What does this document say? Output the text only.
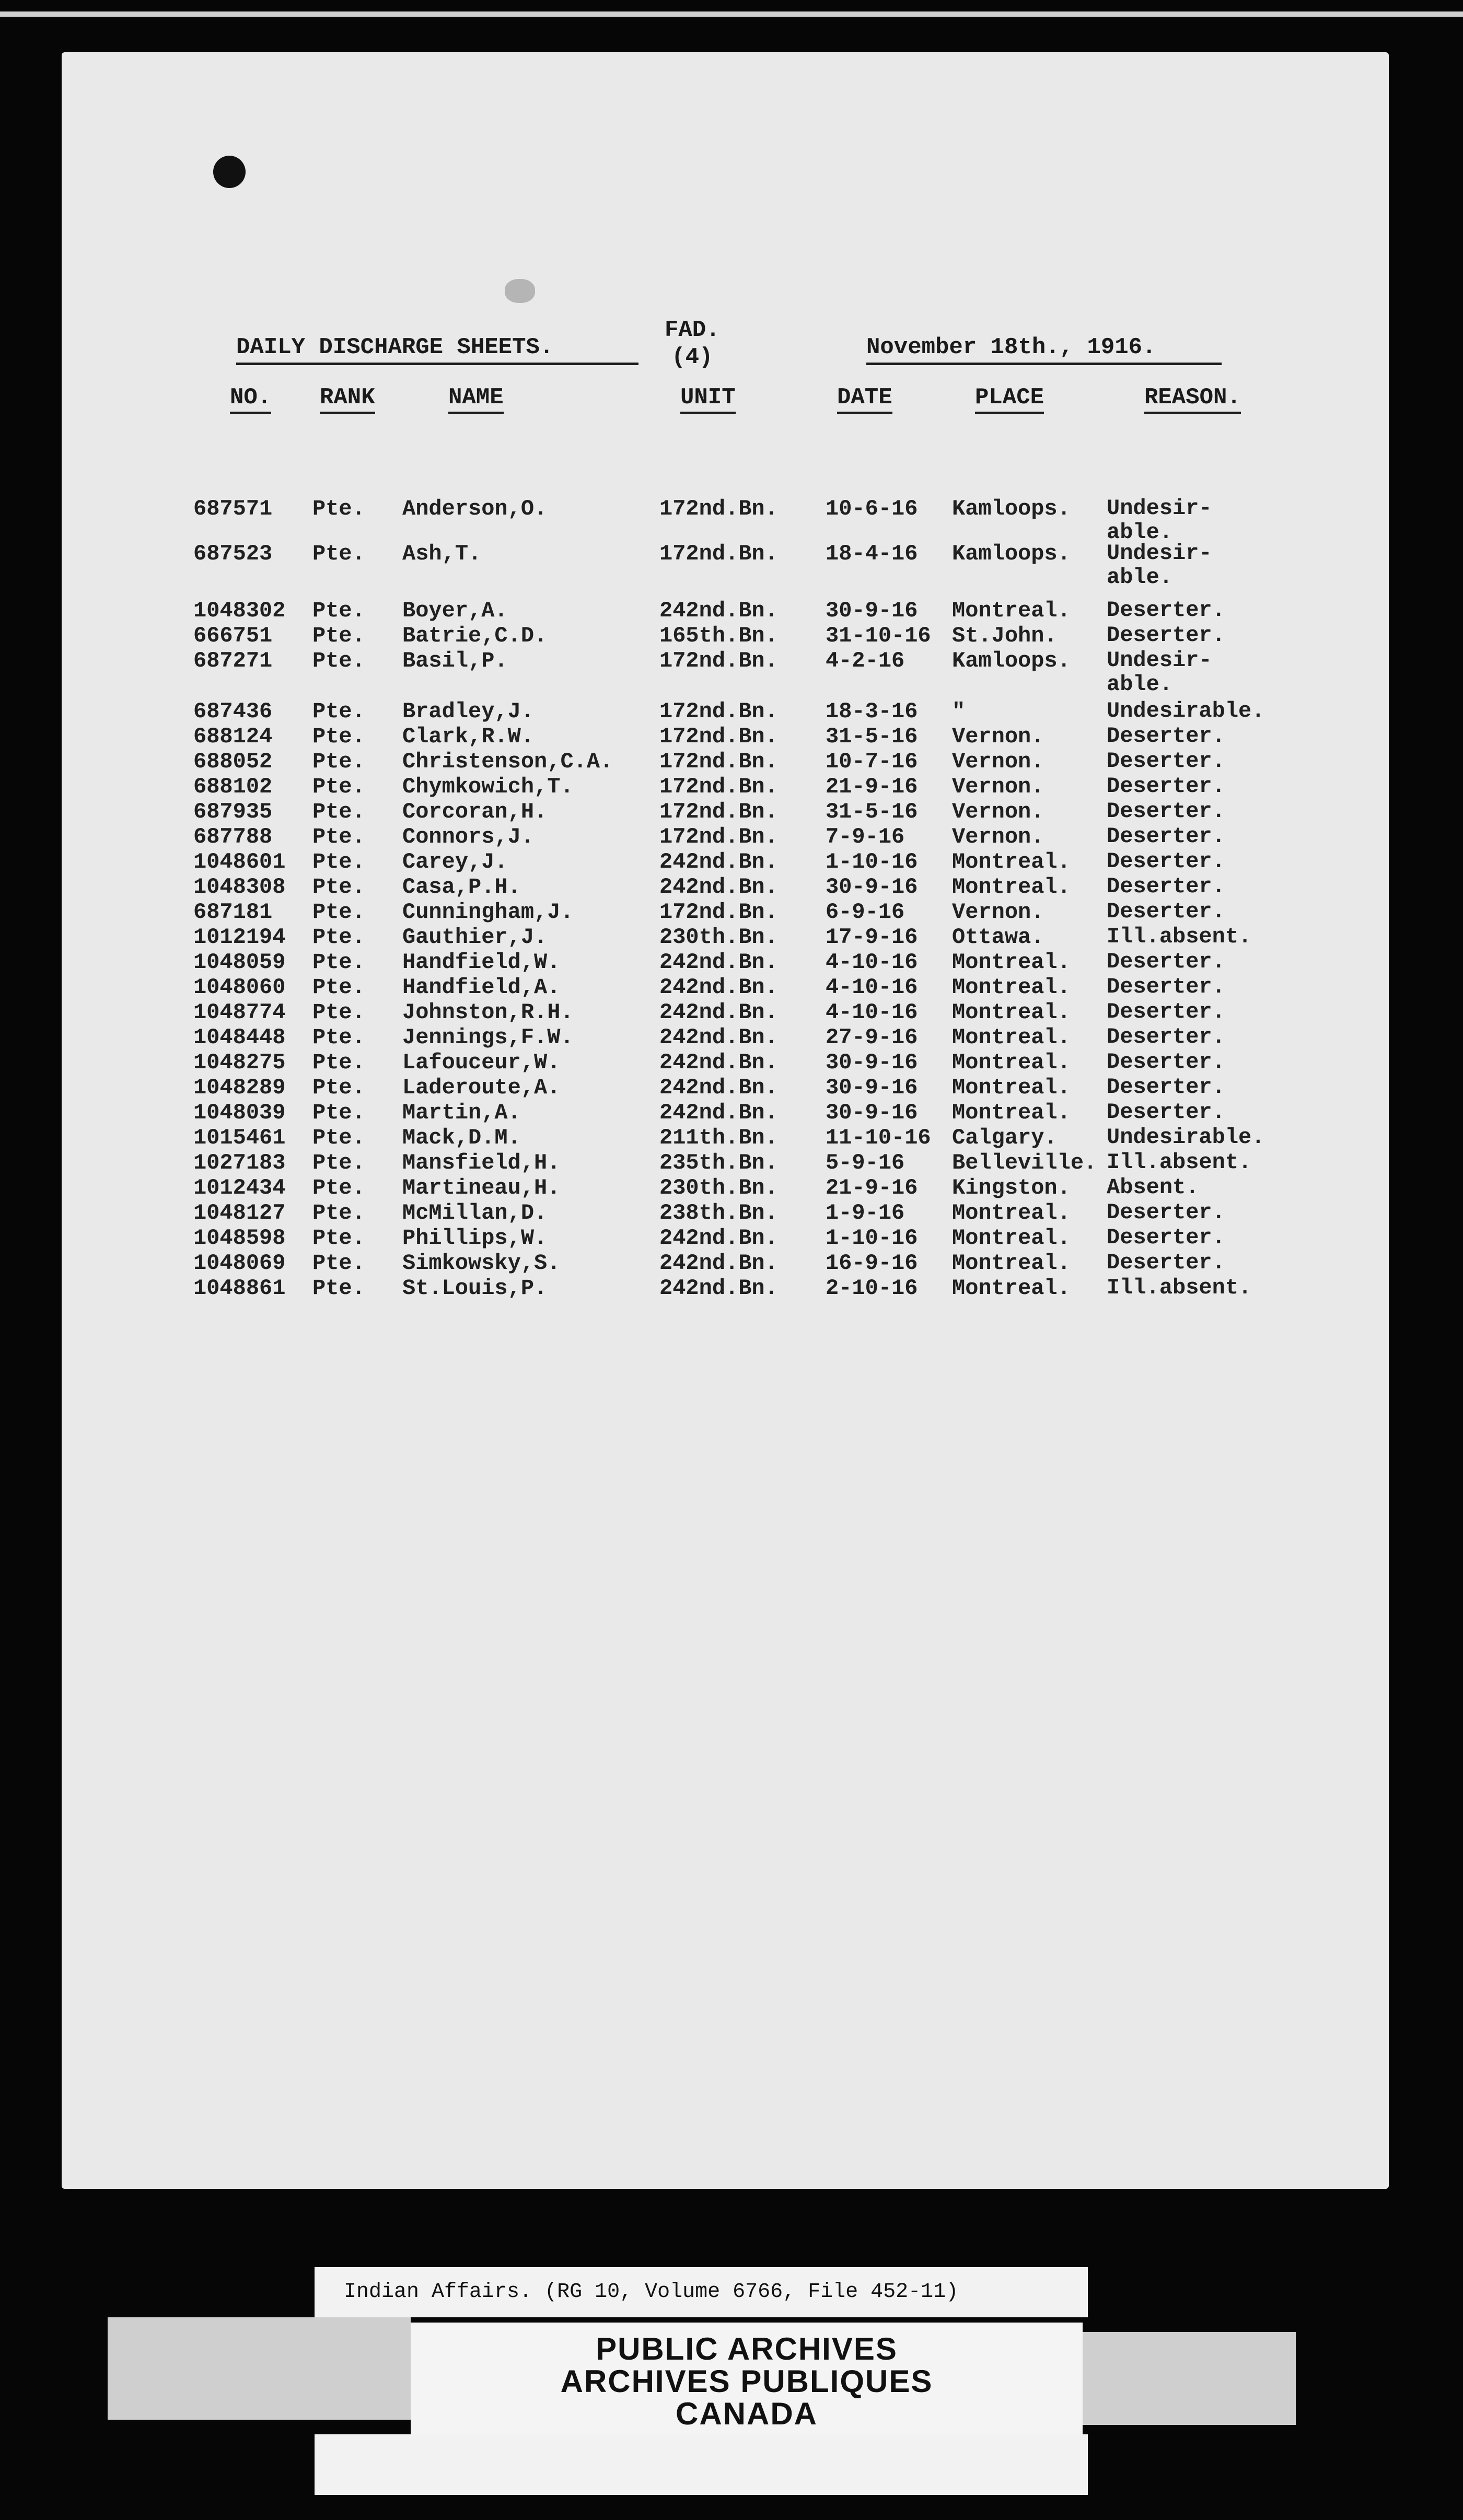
DAILY DISCHARGE SHEETS.
FAD.
(4)	November 18th., 1916.
NO. RANK	NAME	UNIT	DATE	PLACE	REASON.
687571 Pte. Anderson,O.	172nd.Bn. 10-6-16 Kamloops. Undesir-
able.
687523 Pte. Ash,T.	172nd.Bn. 18-4-16 Kamloops. Undesir-
able.
1048302 Pte. Boyer,A.	242nd.Bn. 30-9-16 Montreal. Deserter.
666751 Pte. Batrie,C.D.	165th.Bn. 31-10-16 St.John. Deserter.
687271 Pte. Basil,P.	172nd.Bn. 4-2-16 Kamloops. Undesir-
able.
687436 Pte. Bradley,J.	172nd.Bn. 18-3-16 "	Undesirable.
688124 Pte. Clark,R.W.	172nd.Bn. 31-5-16 Vernon.	Deserter.
688052 Pte. Christenson,C.A. 172nd.Bn. 10-7-16 Vernon.	Deserter.
688102 Pte. Chymkowich,T.	172nd.Bn. 21-9-16 Vernon.	Deserter.
687935 Pte. Corcoran,H.	172nd.Bn. 31-5-16 Vernon.	Deserter.
687788 Pte. Connors,J.	172nd.Bn. 7-9-16 Vernon.	Deserter.
1048601 Pte. Carey,J.	242nd.Bn. 1-10-16 Montreal. Deserter.
1048308 Pte. Casa,P.H.	242nd.Bn. 30-9-16 Montreal. Deserter.
687181 Pte. Cunningham,J.	172nd.Bn. 6-9-16 Vernon.	Deserter.
1012194 Pte. Gauthier,J.	230th.Bn. 17-9-16 Ottawa.	Ill.absent.
1048059 Pte. Handfield,W.	242nd.Bn. 4-10-16 Montreal. Deserter.
1048060 Pte. Handfield,A.	242nd.Bn. 4-10-16 Montreal. Deserter.
1048774 Pte. Johnston,R.H.	242nd.Bn. 4-10-16 Montreal. Deserter.
1048448 Pte. Jennings,F.W.	242nd.Bn. 27-9-16 Montreal. Deserter.
1048275 Pte. Lafouceur,W.	242nd.Bn. 30-9-16 Montreal. Deserter.
1048289 Pte. Laderoute,A.	242nd.Bn. 30-9-16 Montreal. Deserter.
1048039 Pte. Martin,A.	242nd.Bn. 30-9-16 Montreal. Deserter.
1015461 Pte. Mack,D.M.	211th.Bn. 11-10-16 Calgary. Undesirable.
1027183 Pte. Mansfield,H.	235th.Bn. 5-9-16 Belleville. Ill.absent.
1012434 Pte. Martineau,H.	230th.Bn. 21-9-16 Kingston. Absent.
1048127 Pte. McMillan,D.	238th.Bn. 1-9-16 Montreal. Deserter.
1048598 Pte. Phillips,W.	242nd.Bn. 1-10-16 Montreal. Deserter.
1048069 Pte. Simkowsky,S.	242nd.Bn. 16-9-16 Montreal. Deserter.
1048861 Pte. St.Louis,P.	242nd.Bn. 2-10-16 Montreal. Ill.absent.
Indian Affairs. (RG 10, Volume 6766, File 452-11)
PUBLIC ARCHIVES
ARCHIVES PUBLIQUES
CANADA
